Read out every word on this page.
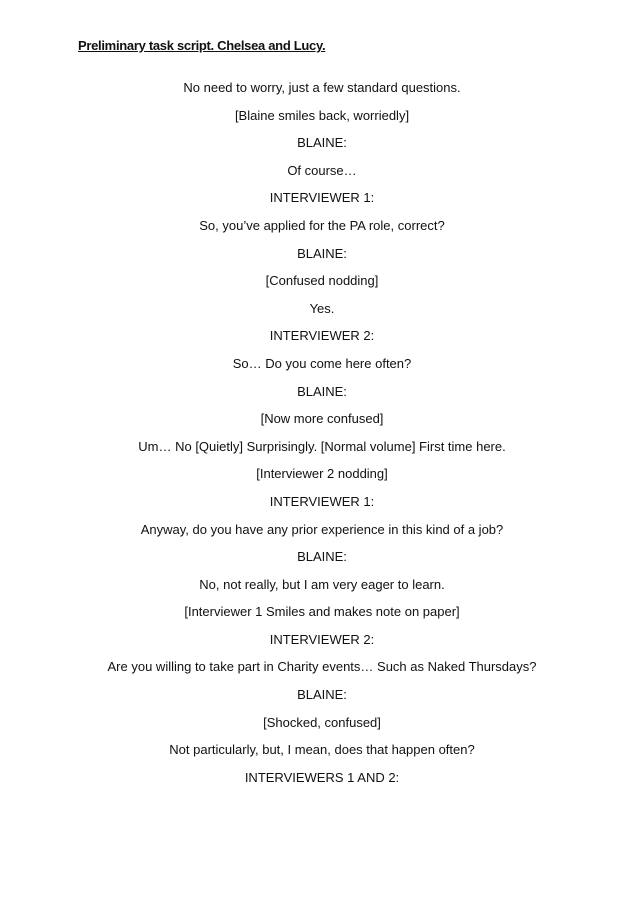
Preliminary task script. Chelsea and Lucy.
No need to worry, just a few standard questions.
[Blaine smiles back, worriedly]
BLAINE:
Of course…
INTERVIEWER 1:
So, you’ve applied for the PA role, correct?
BLAINE:
[Confused nodding]
Yes.
INTERVIEWER 2:
So… Do you come here often?
BLAINE:
[Now more confused]
Um… No [Quietly] Surprisingly. [Normal volume] First time here.
[Interviewer 2 nodding]
INTERVIEWER 1:
Anyway, do you have any prior experience in this kind of a job?
BLAINE:
No, not really, but I am very eager to learn.
[Interviewer 1 Smiles and makes note on paper]
INTERVIEWER 2:
Are you willing to take part in Charity events… Such as Naked Thursdays?
BLAINE:
[Shocked, confused]
Not particularly, but, I mean, does that happen often?
INTERVIEWERS 1 AND 2:
